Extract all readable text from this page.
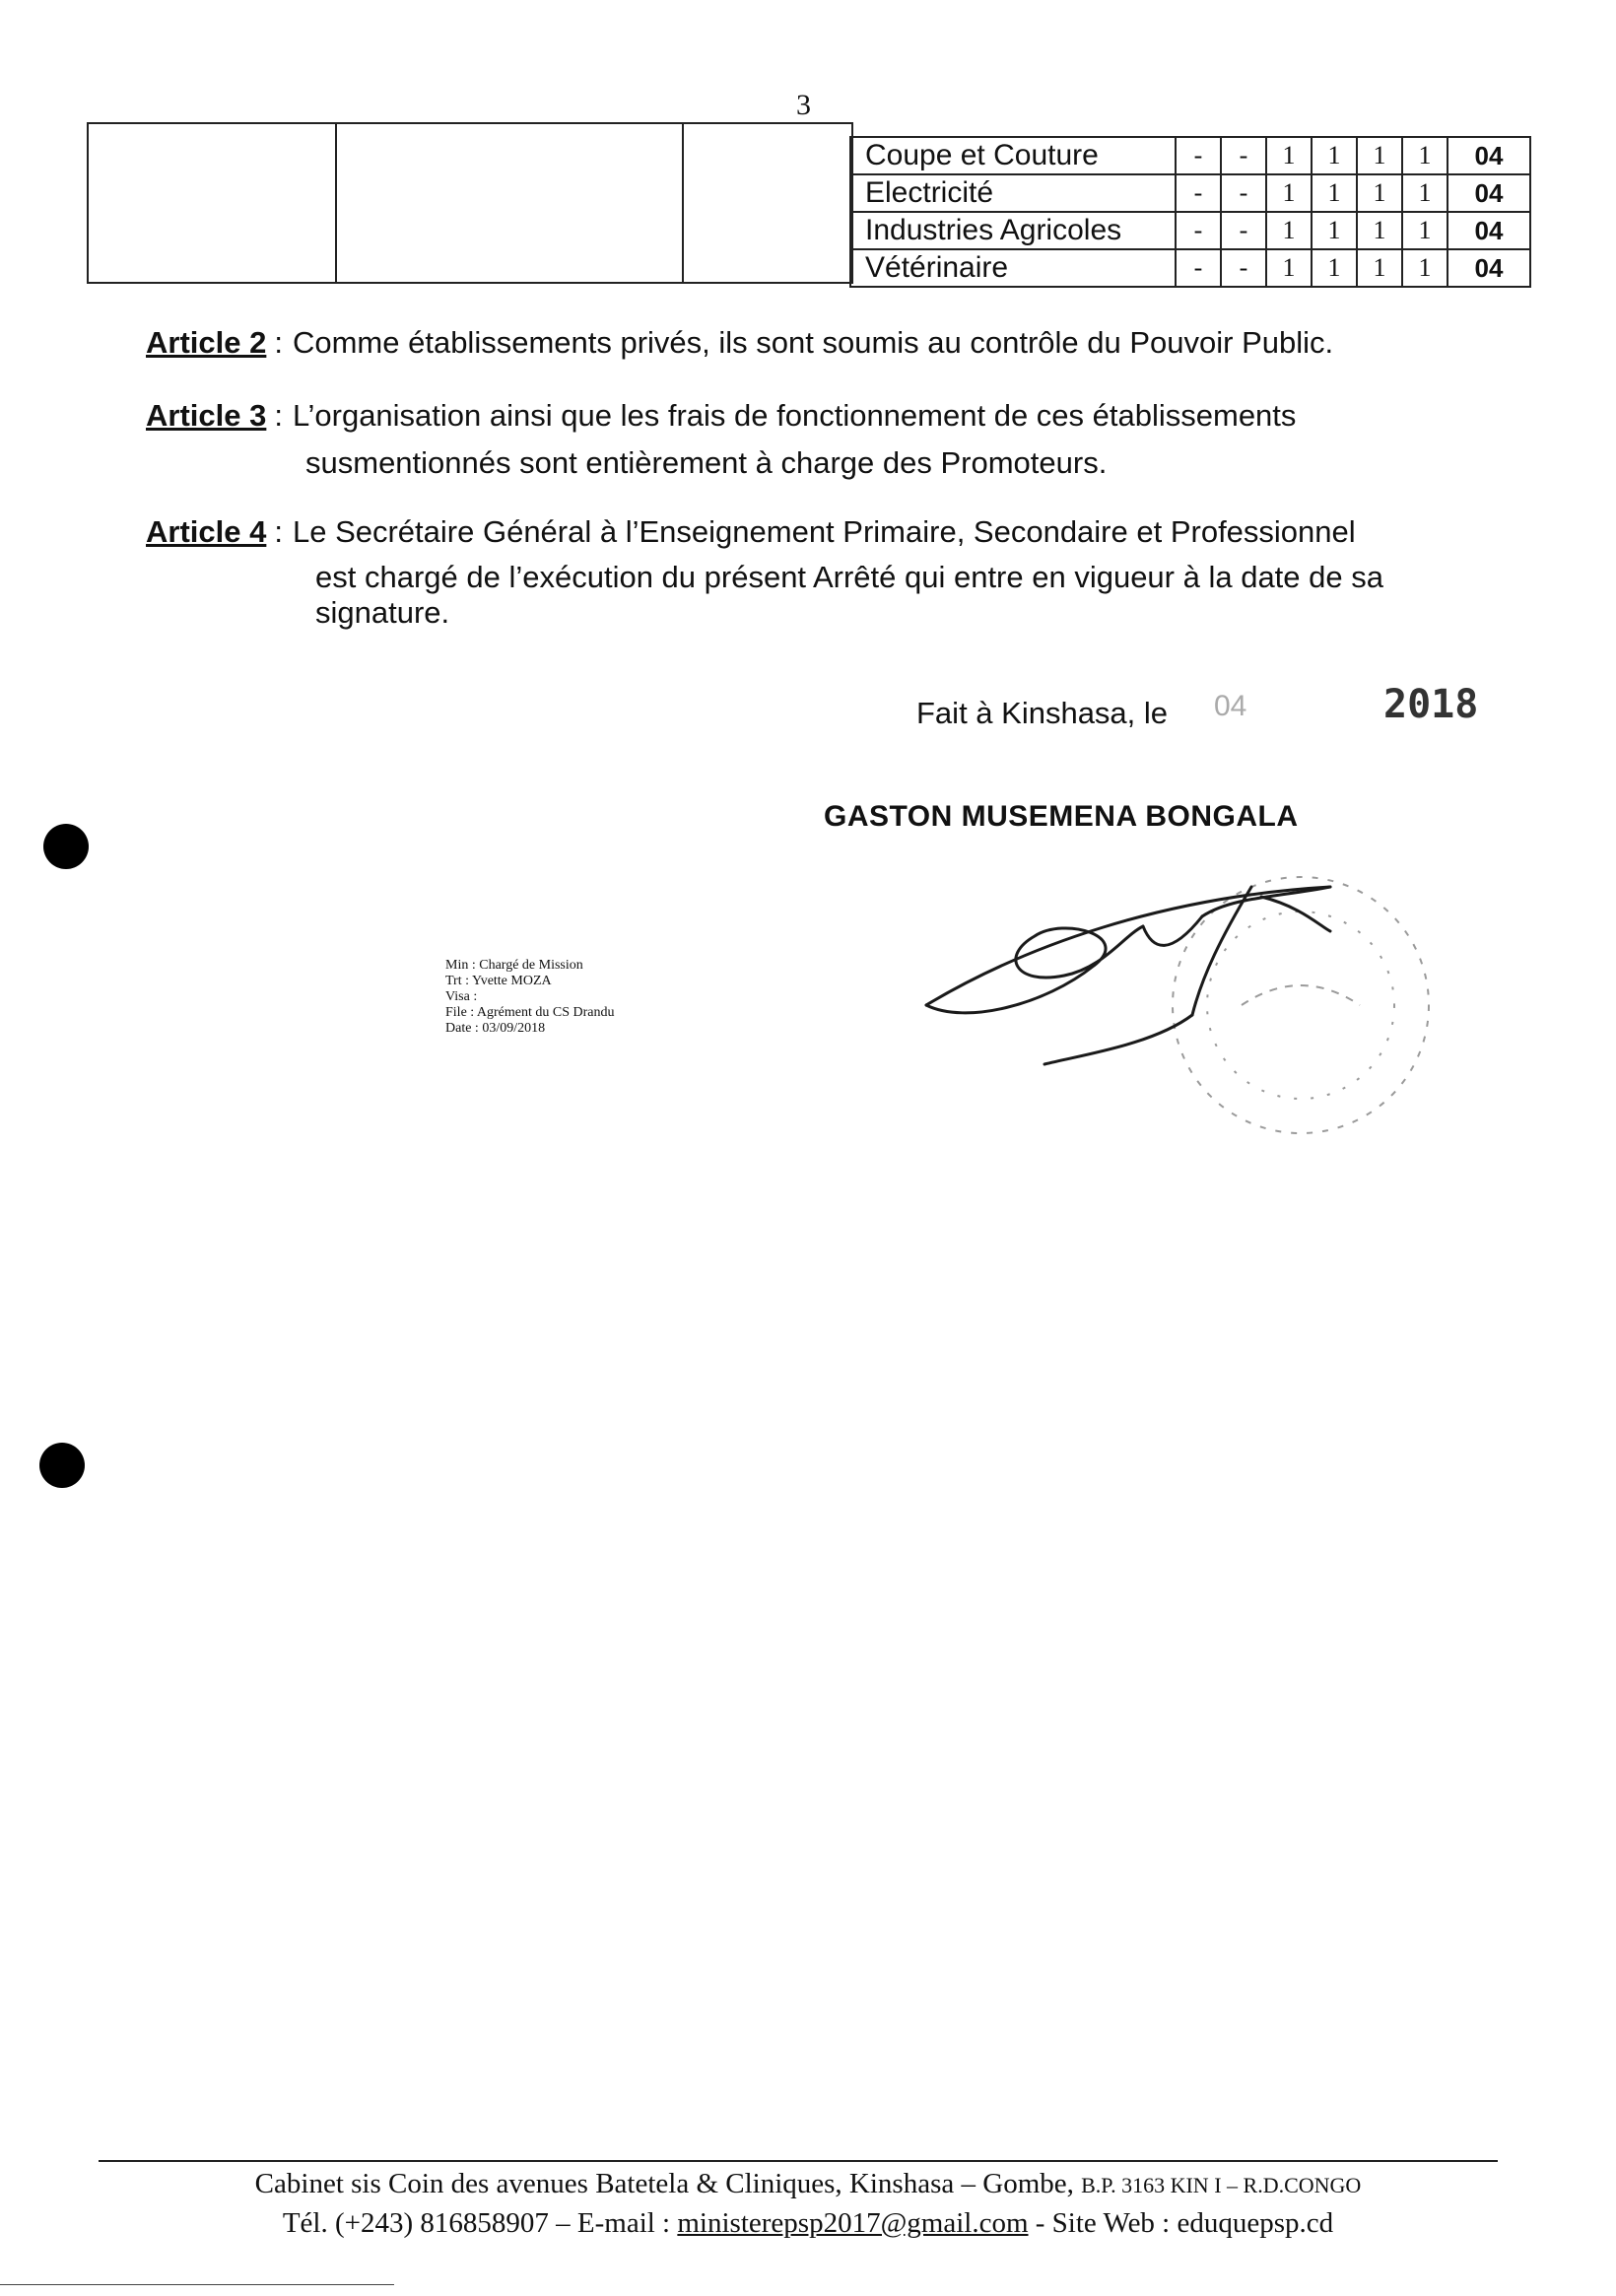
3

Coupe et Couture	-	-	1	1	1	1	04
Electricité	-	-	1	1	1	1	04
Industries Agricoles	-	-	1	1	1	1	04
Vétérinaire	-	-	1	1	1	1	04
Article 2 : Comme établissements privés, ils sont soumis au contrôle du Pouvoir Public.
Article 3 : L’organisation ainsi que les frais de fonctionnement de ces établissements
susmentionnés sont entièrement à charge des Promoteurs.
Article 4 : Le Secrétaire Général à l’Enseignement Primaire, Secondaire et Professionnel
est chargé de l’exécution du présent Arrêté qui entre en vigueur à la date de sa
signature.
Fait à Kinshasa, le 04	2018
GASTON MUSEMENA BONGALA
Min : Chargé de Mission
Trt : Yvette MOZA
Visa :
File : Agrément du CS Drandu
Date : 03/09/2018
Cabinet sis Coin des avenues Batetela & Cliniques, Kinshasa – Gombe, B.P. 3163 KIN I – R.D.CONGO
Tél. (+243) 816858907 – E-mail : ministerepsp2017@gmail.com - Site Web : eduquepsp.cd
